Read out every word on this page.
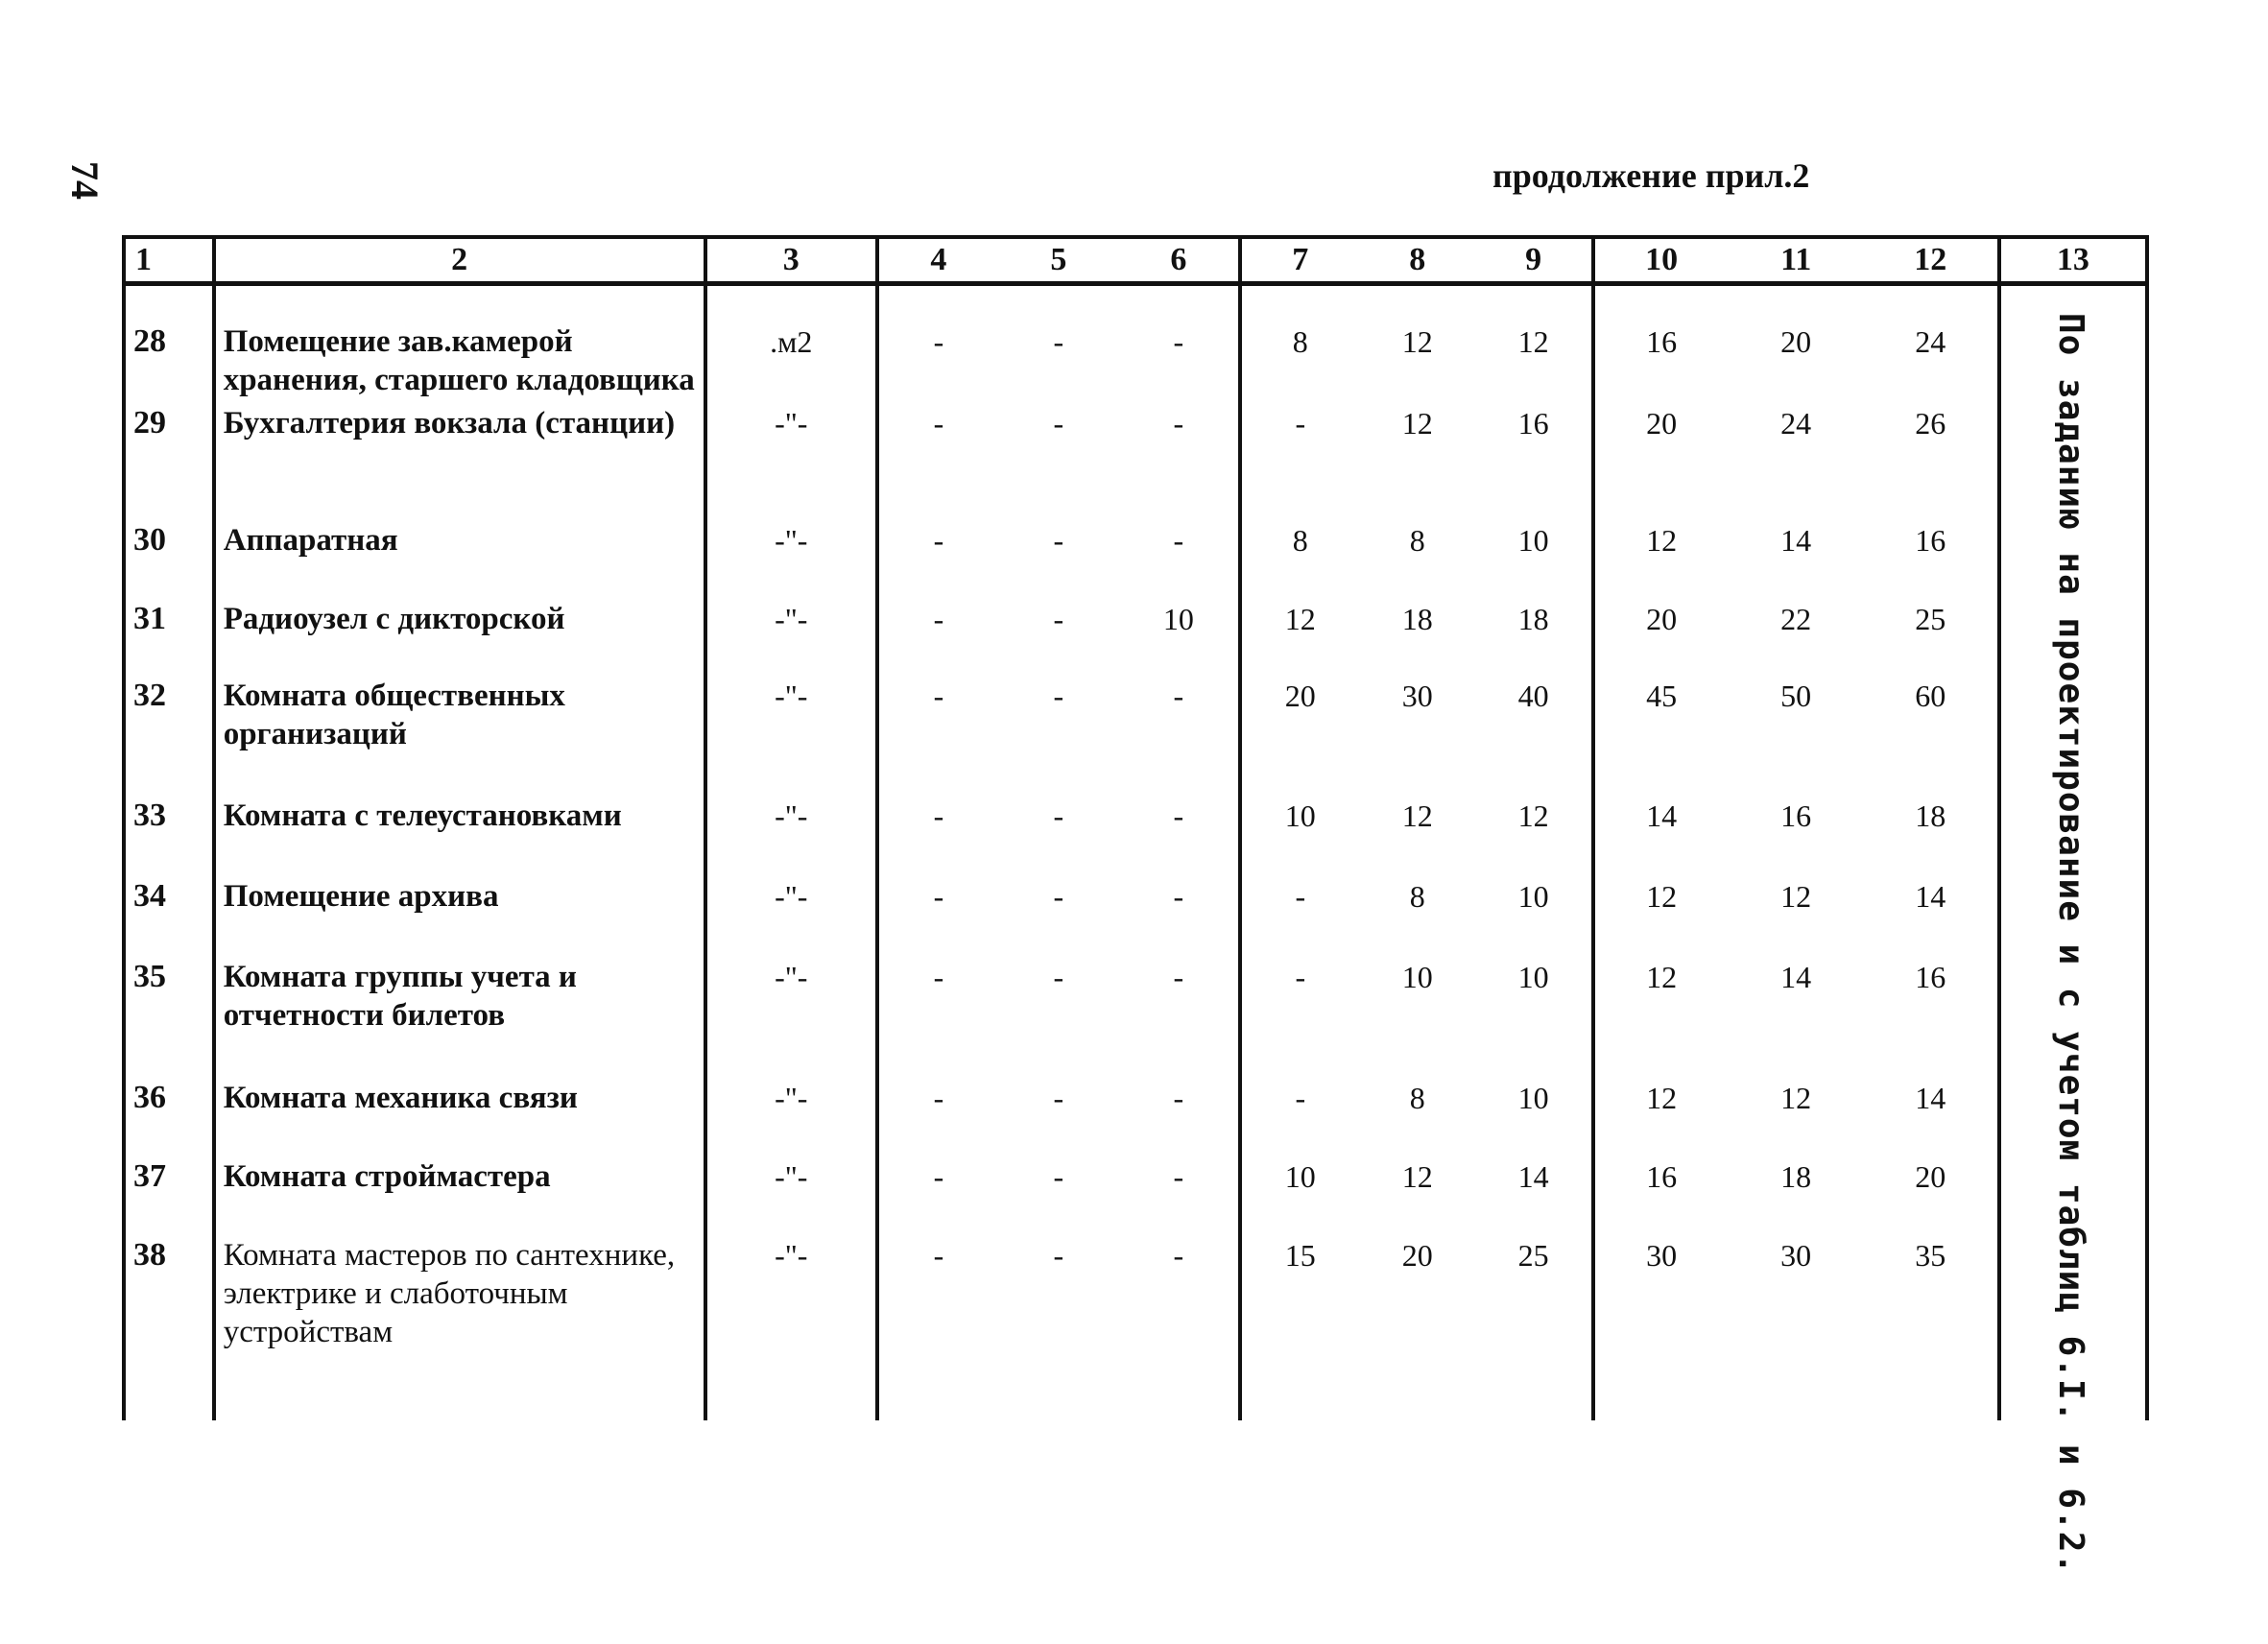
74	продолжение прил.2
1	2	3	4	5	6	7	8	9	10	11	12	13
28	Помещение зав.камерой хранения, старшего кладовщика	.м2	-	-	-	8	12	12	16	20	24	По заданию на проектирование и с учетом таблиц 6.I. и 6.2.

29	Бухгалтерия вокзала (станции)	-"-	-	-	-	-	12	16	20	24	26	
30	Аппаратная	-"-	-	-	-	8	8	10	12	14	16	
31	Радиоузел с дикторской	-"-	-	-	10	12	18	18	20	22	25	
32	Комната общественных организаций	-"-	-	-	-	20	30	40	45	50	60	
33	Комната с телеустановками	-"-	-	-	-	10	12	12	14	16	18	
34	Помещение архива	-"-	-	-	-	-	8	10	12	12	14	
35	Комната группы учета и отчетности билетов	-"-	-	-	-	-	10	10	12	14	16	
36	Комната механика связи	-"-	-	-	-	-	8	10	12	12	14	
37	Комната строймастера	-"-	-	-	-	10	12	14	16	18	20	
38	Комната мастеров по сантехнике, электрике и слаботочным устройствам	-"-	-	-	-	15	20	25	30	30	35	
